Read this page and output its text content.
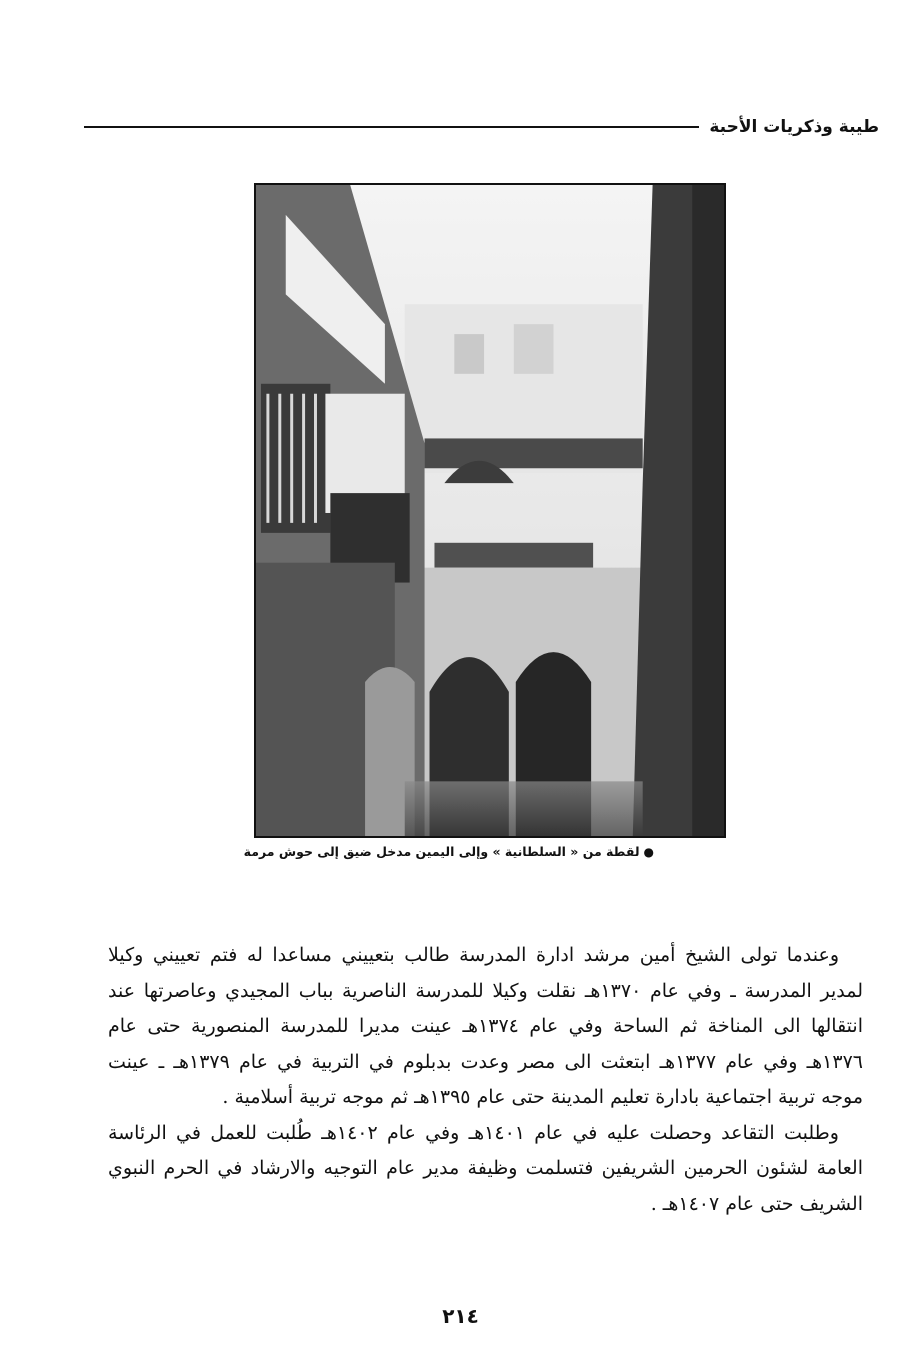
طيبة وذكريات الأحبة
●لقطة من « السلطانية » وإلى اليمين مدخل ضيق إلى حوش مرمة

وعندما تولى الشيخ أمين مرشد ادارة المدرسة طالب بتعييني مساعدا له فتم تعييني وكيلا لمدير المدرسة ـ وفي عام ١٣٧٠هـ نقلت وكيلا للمدرسة الناصرية بباب المجيدي وعاصرتها عند انتقالها الى المناخة ثم الساحة وفي عام ١٣٧٤هـ عينت مديرا للمدرسة المنصورية حتى عام ١٣٧٦هـ وفي عام ١٣٧٧هـ ابتعثت الى مصر وعدت بدبلوم في التربية في عام ١٣٧٩هـ ـ عينت موجه تربية اجتماعية بادارة تعليم المدينة حتى عام ١٣٩٥هـ ثم موجه تربية أسلامية .

وطلبت التقاعد وحصلت عليه في عام ١٤٠١هـ وفي عام ١٤٠٢هـ طُلبت للعمل في الرئاسة العامة لشئون الحرمين الشريفين فتسلمت وظيفة مدير عام التوجيه والارشاد في الحرم النبوي الشريف حتى عام ١٤٠٧هـ .

٢١٤
